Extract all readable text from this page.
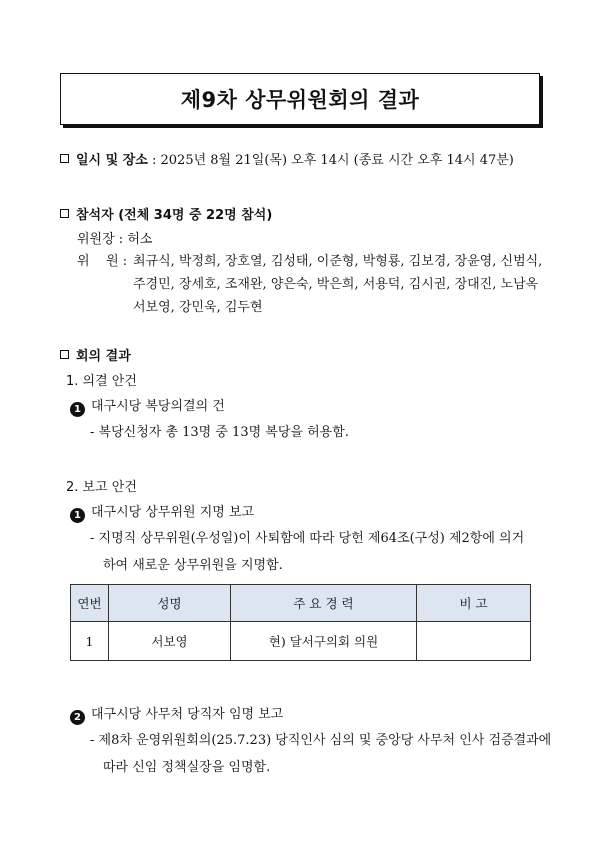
제9차 상무위원회의 결과
일시 및 장소 : 2025년 8월 21일(목) 오후 14시 (종료 시간 오후 14시 47분)
참석자 (전체 34명 중 22명 참석)
위원장 : 허소
위    원 : 최규식, 박정희, 장호열, 김성태, 이준형, 박형룡, 김보경, 장윤영, 신범식,
주경민, 장세호, 조재완, 양은숙, 박은희, 서용덕, 김시권, 장대진, 노남옥
서보영, 강민욱, 김두현
회의 결과
1. 의결 안건
1 대구시당 복당의결의 건
- 복당신청자 총 13명 중 13명 복당을 허용함.
2. 보고 안건
1 대구시당 상무위원 지명 보고
- 지명직 상무위원(우성일)이 사퇴함에 따라 당헌 제64조(구성) 제2항에 의거
하여 새로운 상무위원을 지명함.
연번	성명	주 요 경 력	비 고
1	서보영	현) 달서구의회 의원	
2 대구시당 사무처 당직자 임명 보고
- 제8차 운영위원회의(25.7.23) 당직인사 심의 및 중앙당 사무처 인사 검증결과에
따라 신임 정책실장을 임명함.
